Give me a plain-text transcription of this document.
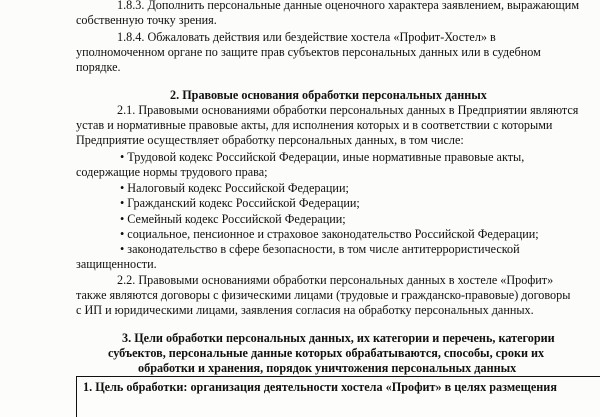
1.8.3. Дополнить персональные данные оценочного характера заявлением, выражающим
собственную точку зрения.
1.8.4. Обжаловать действия или бездействие хостела «Профит-Хостел» в
уполномоченном органе по защите прав субъектов персональных данных или в судебном
порядке.
2. Правовые основания обработки персональных данных
2.1. Правовыми основаниями обработки персональных данных в Предприятии являются
устав и нормативные правовые акты, для исполнения которых и в соответствии с которыми
Предприятие осуществляет обработку персональных данных, в том числе:
• Трудовой кодекс Российской Федерации, иные нормативные правовые акты,
содержащие нормы трудового права;
• Налоговый кодекс Российской Федерации;
• Гражданский кодекс Российской Федерации;
• Семейный кодекс Российской Федерации;
• социальное, пенсионное и страховое законодательство Российской Федерации;
• законодательство в сфере безопасности, в том числе антитеррористической
защищенности.
2.2. Правовыми основаниями обработки персональных данных в хостеле «Профит»
также являются договоры с физическими лицами (трудовые и гражданско-правовые) договоры
с ИП и юридическими лицами, заявления согласия на обработку персональных данных.
3. Цели обработки персональных данных, их категории и перечень, категории
субъектов, персональные данные которых обрабатываются, способы, сроки их
обработки и хранения, порядок уничтожения персональных данных
1. Цель обработки: организация деятельности хостела «Профит» в целях размещения
